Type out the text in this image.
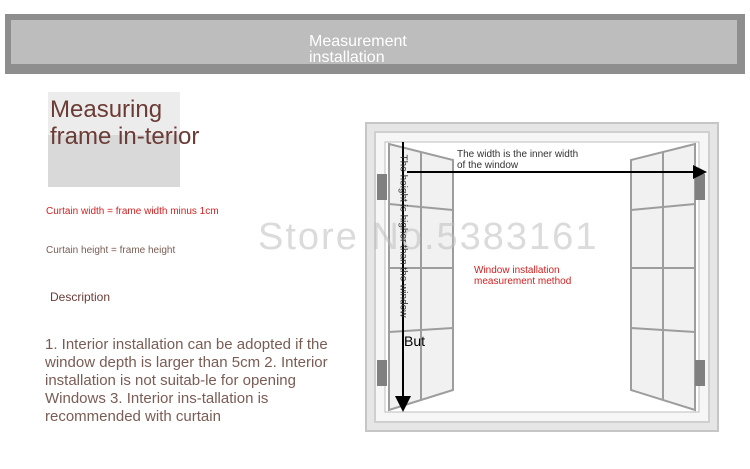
Measurement
installation
Measuring frame in-terior
Curtain width = frame width minus 1cm
Curtain height = frame height
Description
1. Interior installation can be adopted if the window depth is larger than 5cm 2. Interior installation is not suitab-le for opening Windows 3. Interior ins-tallation is recommended with curtain
Store No.5383161
The width is the inner width of the window
Window installation measurement method
The height is higher than the window
But
